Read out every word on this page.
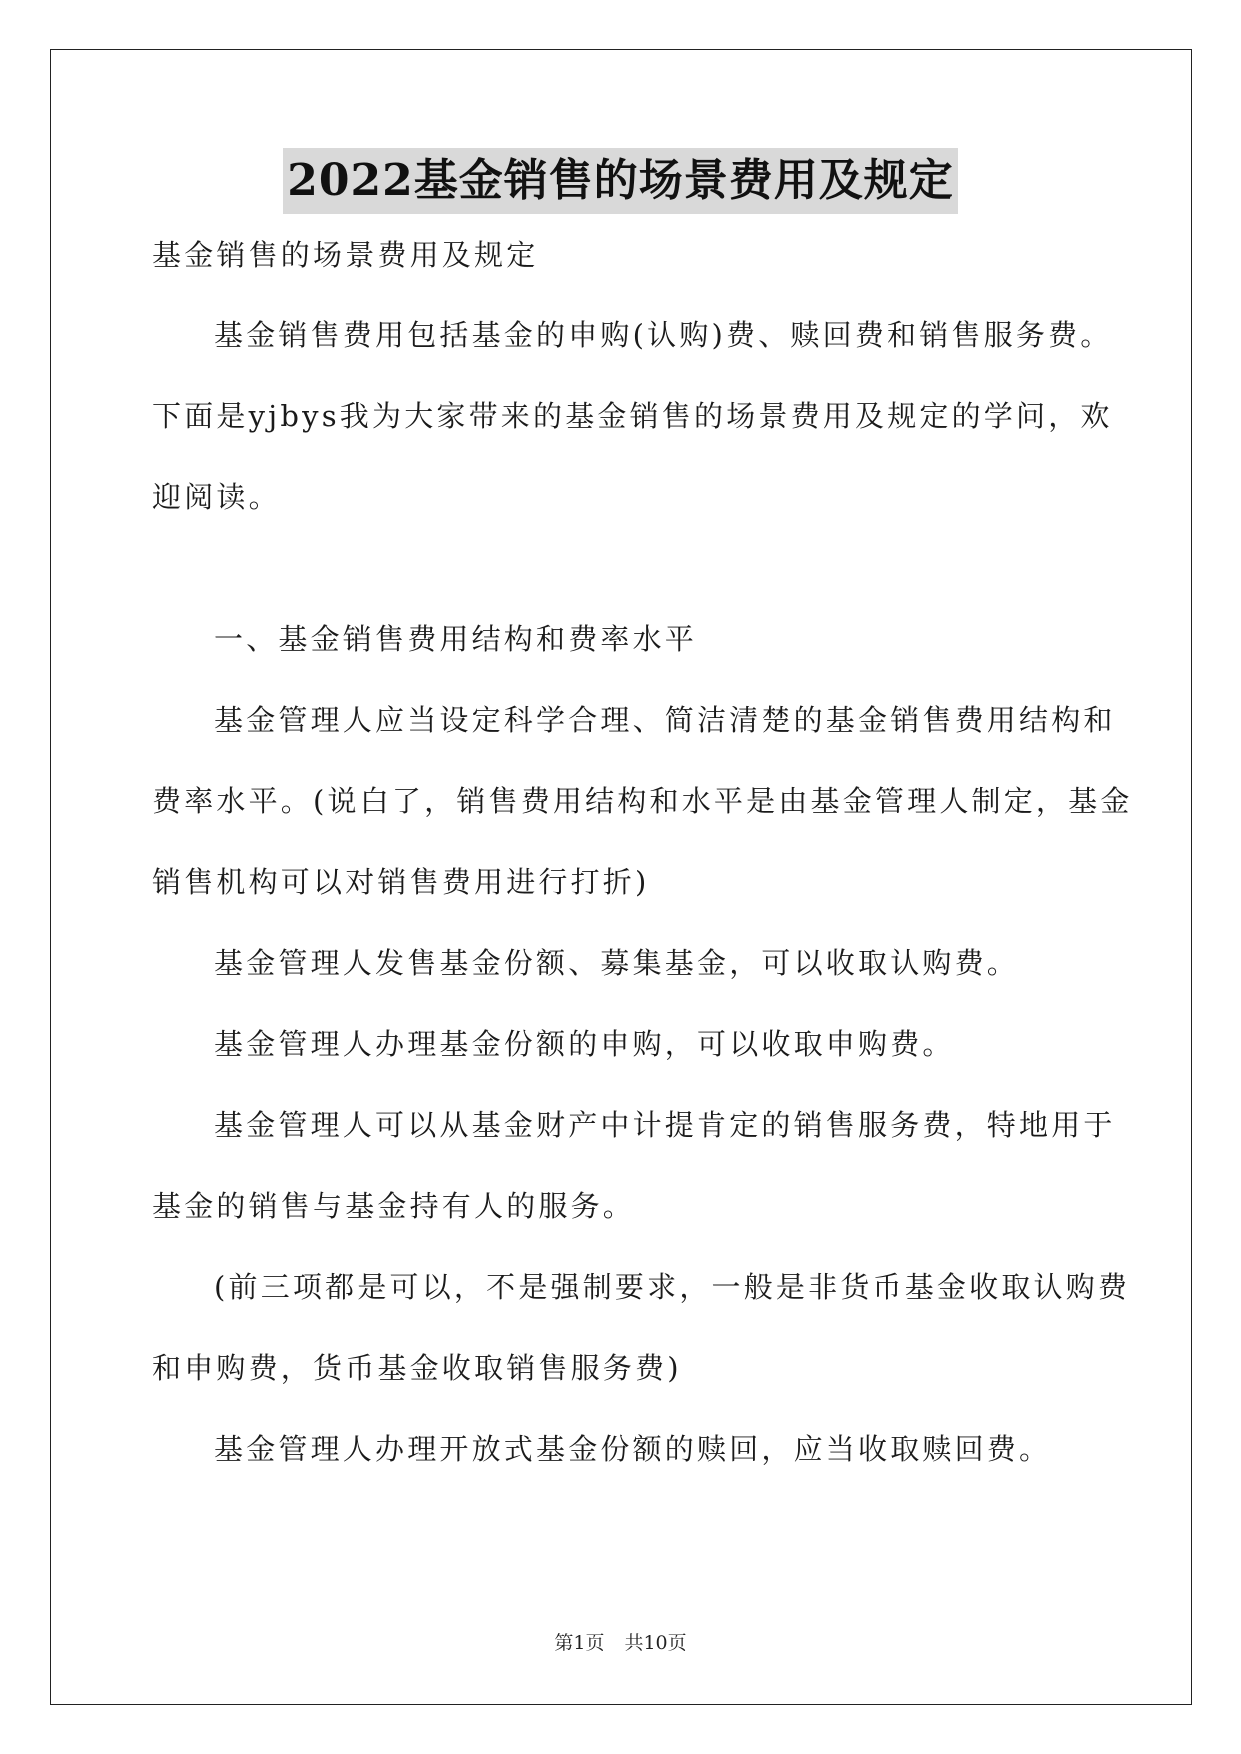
2022基金销售的场景费用及规定
基金销售的场景费用及规定
基金销售费用包括基金的申购(认购)费、赎回费和销售服务费。
下面是yjbys我为大家带来的基金销售的场景费用及规定的学问，欢
迎阅读。
一、基金销售费用结构和费率水平
基金管理人应当设定科学合理、简洁清楚的基金销售费用结构和
费率水平。(说白了，销售费用结构和水平是由基金管理人制定，基金
销售机构可以对销售费用进行打折)
基金管理人发售基金份额、募集基金，可以收取认购费。
基金管理人办理基金份额的申购，可以收取申购费。
基金管理人可以从基金财产中计提肯定的销售服务费，特地用于
基金的销售与基金持有人的服务。
(前三项都是可以，不是强制要求，一般是非货币基金收取认购费
和申购费，货币基金收取销售服务费)
基金管理人办理开放式基金份额的赎回，应当收取赎回费。
第1页 共10页
